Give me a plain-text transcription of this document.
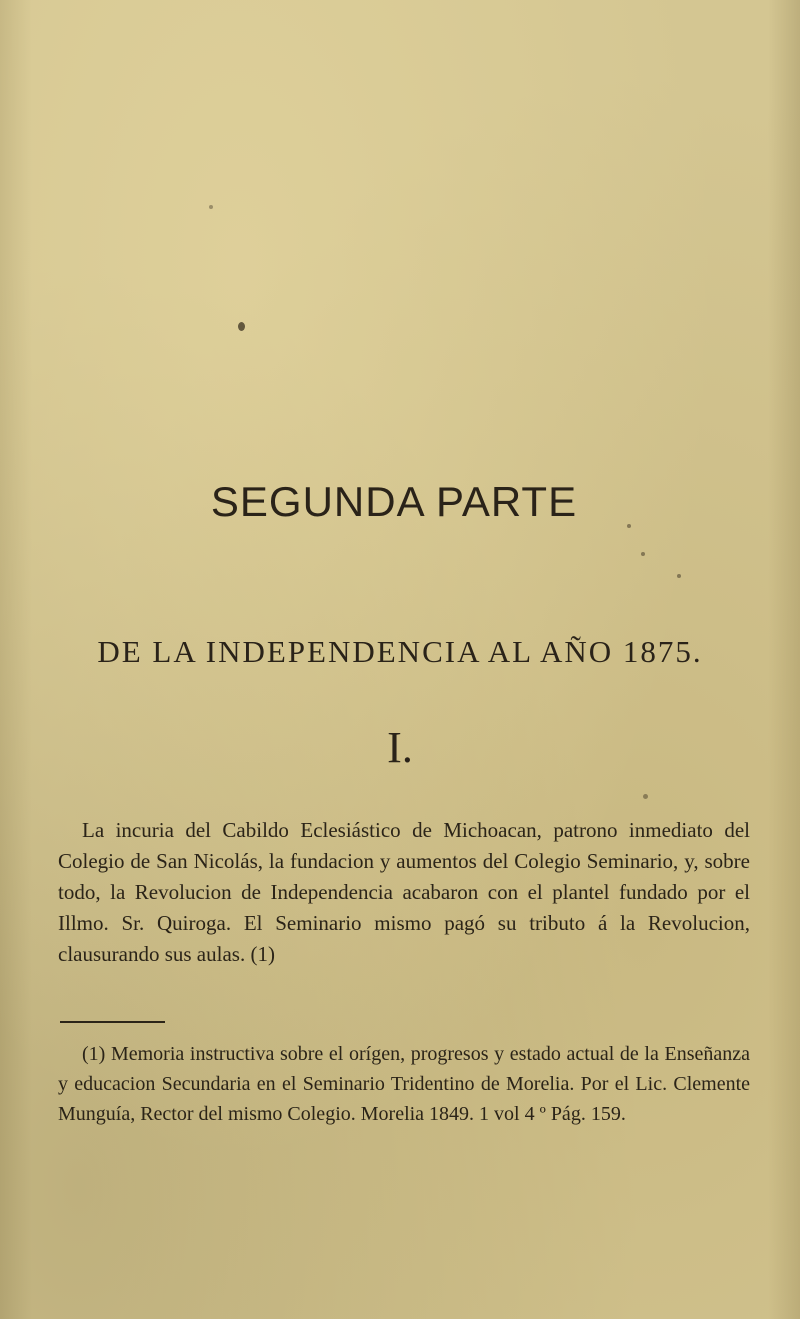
SEGUNDA PARTE
DE LA INDEPENDENCIA AL AÑO 1875.
I.

La incuria del Cabildo Eclesiástico de Michoacan, patrono inmediato del Colegio de San Nicolás, la fundacion y aumentos del Colegio Seminario, y, sobre todo, la Revolucion de Independencia acabaron con el plantel fundado por el Illmo. Sr. Quiroga. El Seminario mismo pagó su tributo á la Revolucion, clausurando sus aulas. (1)

(1) Memoria instructiva sobre el orígen, progresos y estado actual de la Enseñanza y educacion Secundaria en el Seminario Tridentino de Morelia. Por el Lic. Clemente Munguía, Rector del mismo Colegio. Morelia 1849. 1 vol 4 º Pág. 159.
